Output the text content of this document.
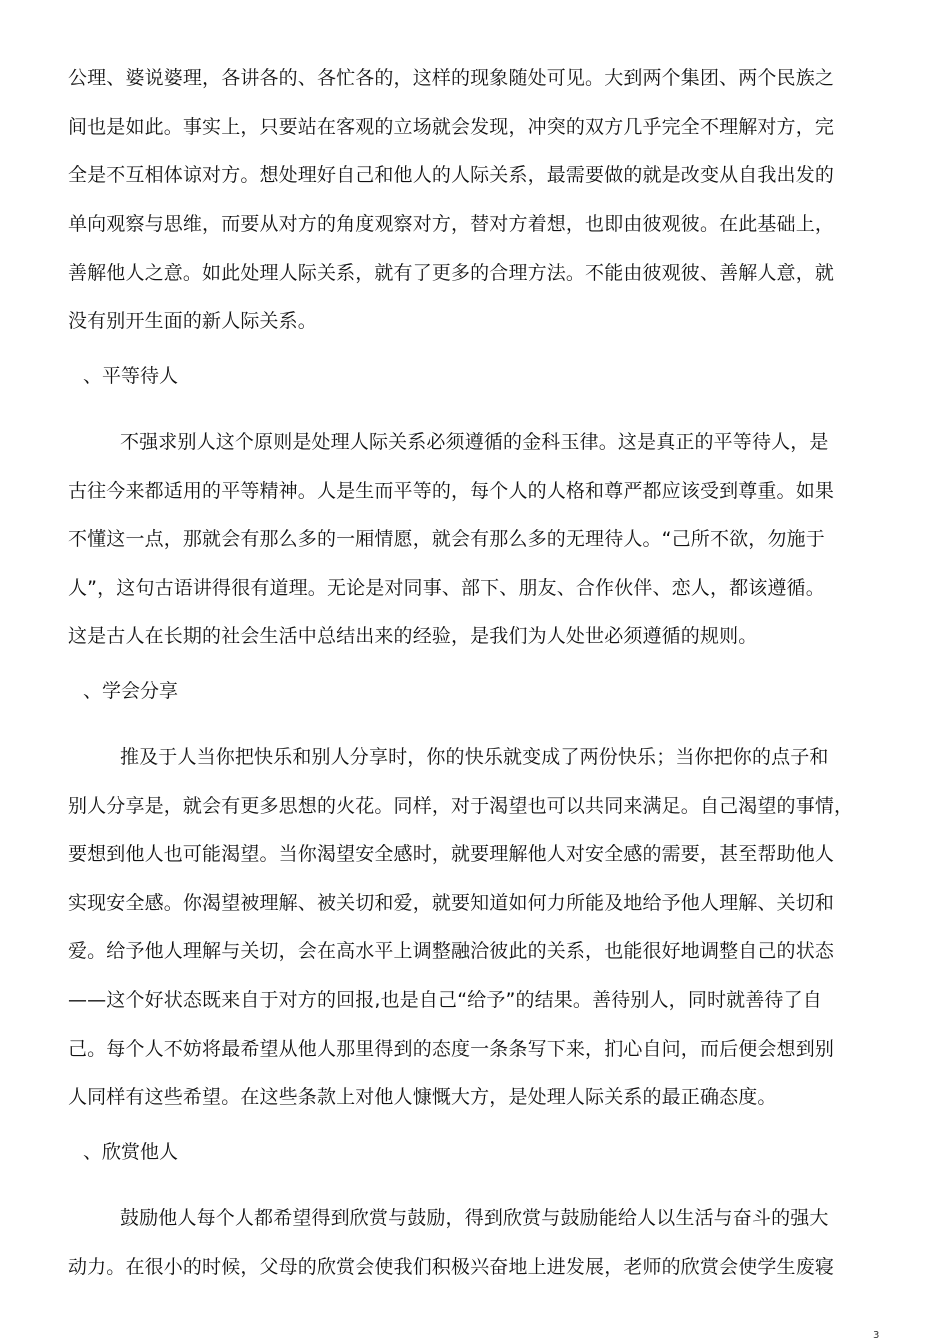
公理、婆说婆理，各讲各的、各忙各的，这样的现象随处可见。大到两个集团、两个民族之
间也是如此。事实上，只要站在客观的立场就会发现，冲突的双方几乎完全不理解对方，完
全是不互相体谅对方。想处理好自己和他人的人际关系，最需要做的就是改变从自我出发的
单向观察与思维，而要从对方的角度观察对方，替对方着想，也即由彼观彼。在此基础上，
善解他人之意。如此处理人际关系，就有了更多的合理方法。不能由彼观彼、善解人意，就
没有别开生面的新人际关系。
、平等待人
不强求别人这个原则是处理人际关系必须遵循的金科玉律。这是真正的平等待人，是
古往今来都适用的平等精神。人是生而平等的，每个人的人格和尊严都应该受到尊重。如果
不懂这一点，那就会有那么多的一厢情愿，就会有那么多的无理待人。“己所不欲，勿施于
人”，这句古语讲得很有道理。无论是对同事、部下、朋友、合作伙伴、恋人，都该遵循。
这是古人在长期的社会生活中总结出来的经验，是我们为人处世必须遵循的规则。
、学会分享
推及于人当你把快乐和别人分享时，你的快乐就变成了两份快乐；当你把你的点子和
别人分享是，就会有更多思想的火花。同样，对于渴望也可以共同来满足。自己渴望的事情，
要想到他人也可能渴望。当你渴望安全感时，就要理解他人对安全感的需要，甚至帮助他人
实现安全感。你渴望被理解、被关切和爱，就要知道如何力所能及地给予他人理解、关切和
爱。给予他人理解与关切，会在高水平上调整融洽彼此的关系，也能很好地调整自己的状态
——这个好状态既来自于对方的回报,也是自己“给予”的结果。善待别人，同时就善待了自
己。每个人不妨将最希望从他人那里得到的态度一条条写下来，扪心自问，而后便会想到别
人同样有这些希望。在这些条款上对他人慷慨大方，是处理人际关系的最正确态度。
、欣赏他人
鼓励他人每个人都希望得到欣赏与鼓励，得到欣赏与鼓励能给人以生活与奋斗的强大
动力。在很小的时候，父母的欣赏会使我们积极兴奋地上进发展，老师的欣赏会使学生废寝
3
